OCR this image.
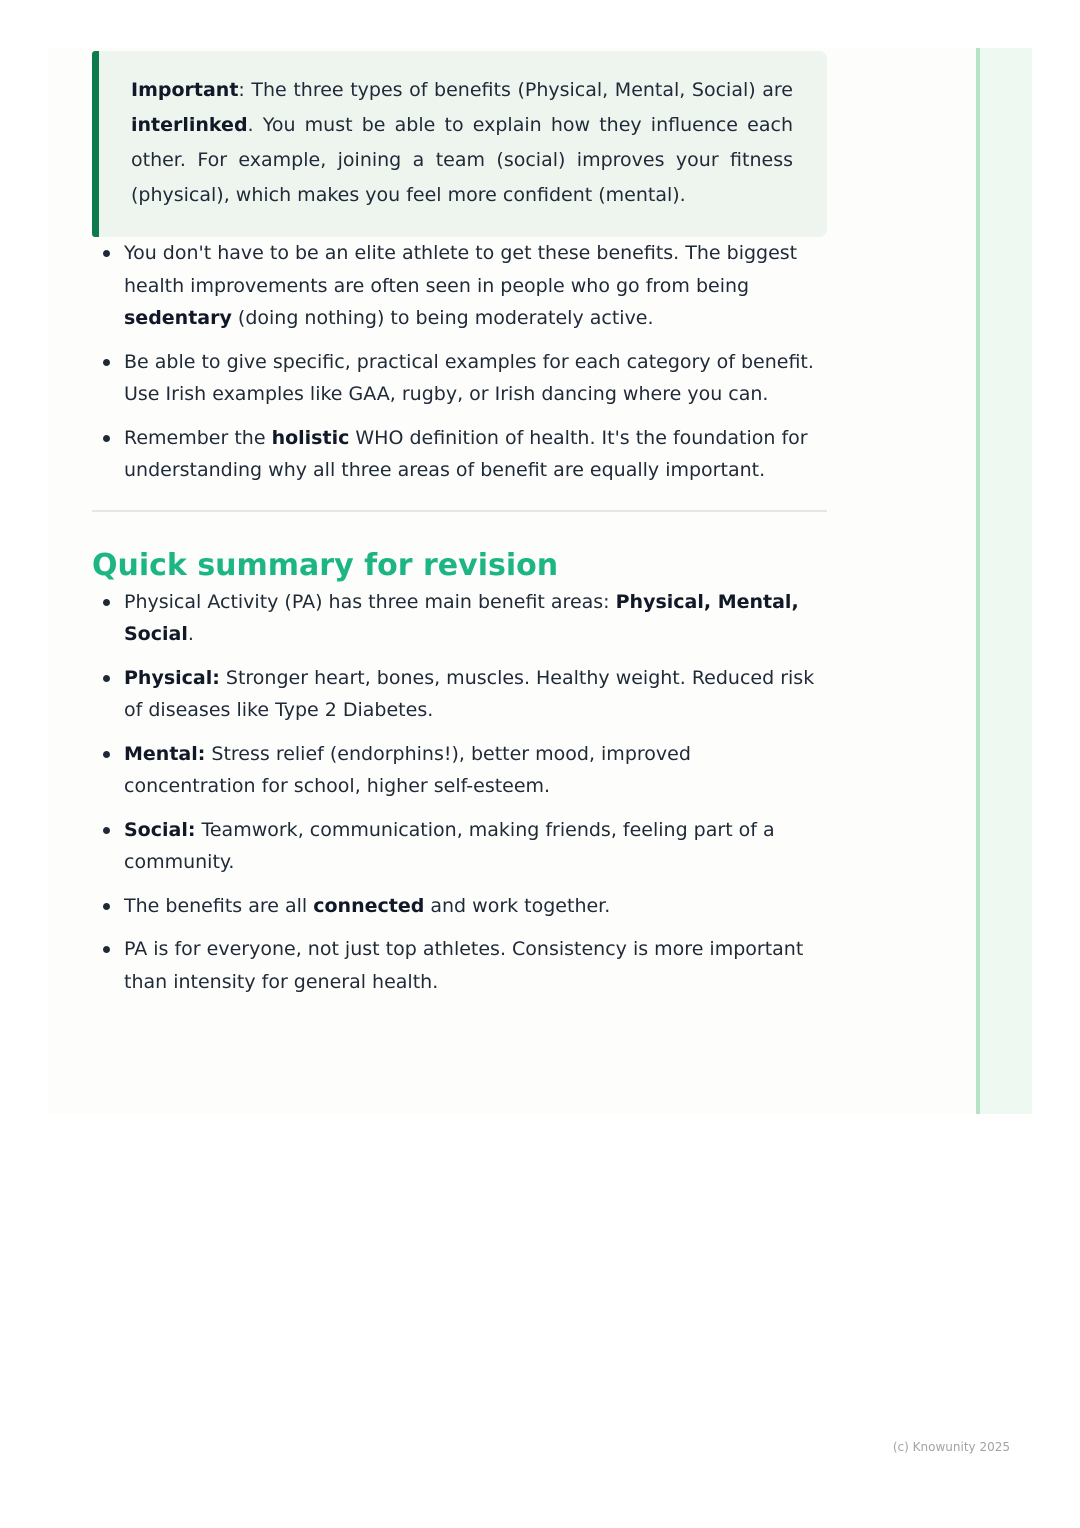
Important: The three types of benefits (Physical, Mental, Social) are interlinked. You must be able to explain how they influence each other. For example, joining a team (social) improves your fitness (physical), which makes you feel more confident (mental).
You don't have to be an elite athlete to get these benefits. The biggest health improvements are often seen in people who go from being sedentary (doing nothing) to being moderately active.
Be able to give specific, practical examples for each category of benefit. Use Irish examples like GAA, rugby, or Irish dancing where you can.
Remember the holistic WHO definition of health. It's the foundation for understanding why all three areas of benefit are equally important.
Quick summary for revision
Physical Activity (PA) has three main benefit areas: Physical, Mental, Social.
Physical: Stronger heart, bones, muscles. Healthy weight. Reduced risk of diseases like Type 2 Diabetes.
Mental: Stress relief (endorphins!), better mood, improved concentration for school, higher self-esteem.
Social: Teamwork, communication, making friends, feeling part of a community.
The benefits are all connected and work together.
PA is for everyone, not just top athletes. Consistency is more important than intensity for general health.
(c) Knowunity 2025
